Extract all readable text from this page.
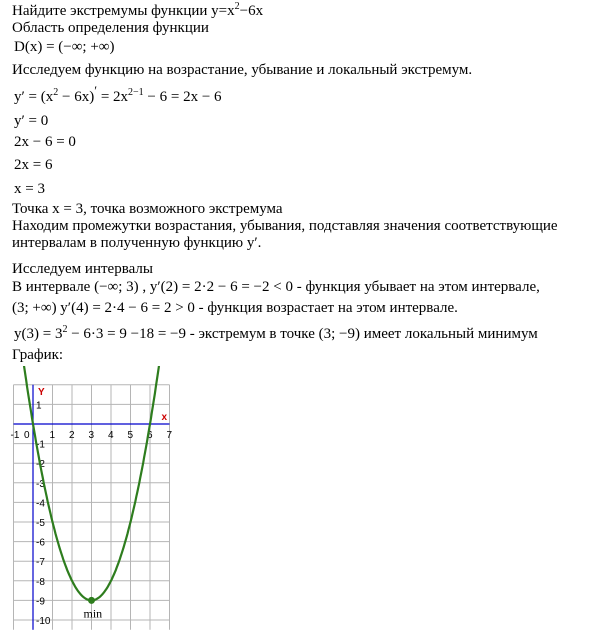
Найдите экстремумы функции $y=x^2-6x$
Область определения функции
D(x) = (−∞; +∞)
Исследуем функцию на возрастание, убывание и локальный экстремум.
$y' = (x^2 - 6x)' = 2x^{2-1} - 6 = 2x - 6$
y′ = 0
2x − 6 = 0
2x = 6
x = 3
Точка x = 3, точка возможного экстремума
Находим промежутки возрастания, убывания, подставляя значения соответствующие
интервалам в полученную функцию y′.
Исследуем интервалы
В интервале (−∞; 3) , y′(2) = 2·2 − 6 = −2 < 0 - функция убывает на этом интервале,
(3; +∞) y′(4) = 2·4 − 6 = 2 > 0 - функция возрастает на этом интервале.
$y(3) = 3^2 - 6\cdot 3 = 9 -18 = -9$ - экстремум в точке (3; −9) имеет локальный минимум
График:
-1 0 1 2 3 4 5 6 7
1
-1
-2
-3
-4
-5
-6
-7
-8
-9
-10
Y
x
min
